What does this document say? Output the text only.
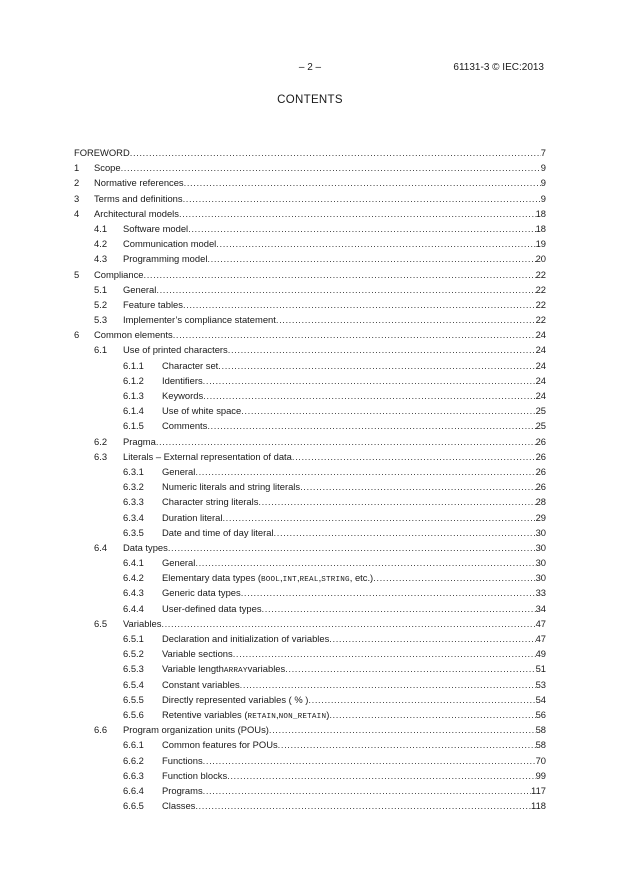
– 2 –	61131-3 © IEC:2013
CONTENTS
FOREWORD .....	7
1 Scope .....	9
2 Normative references .....	9
3 Terms and definitions .....	9
4 Architectural models .....	18
4.1 Software model .....	18
4.2 Communication model .....	19
4.3 Programming model .....	20
5 Compliance .....	22
5.1 General .....	22
5.2 Feature tables .....	22
5.3 Implementer’s compliance statement .....	22
6 Common elements .....	24
6.1 Use of printed characters .....	24
6.1.1 Character set .....	24
6.1.2 Identifiers .....	24
6.1.3 Keywords .....	24
6.1.4 Use of white space .....	25
6.1.5 Comments .....	25
6.2 Pragma .....	26
6.3 Literals – External representation of data .....	26
6.3.1 General .....	26
6.3.2 Numeric literals and string literals .....	26
6.3.3 Character string literals .....	28
6.3.4 Duration literal .....	29
6.3.5 Date and time of day literal .....	30
6.4 Data types .....	30
6.4.1 General .....	30
6.4.2 Elementary data types ( BOOL , INT , REAL , STRING , etc.) .....	30
6.4.3 Generic data types .....	33
6.4.4 User-defined data types .....	34
6.5 Variables .....	47
6.5.1 Declaration and initialization of variables .....	47
6.5.2 Variable sections .....	49
6.5.3 Variable length ARRAY variables .....	51
6.5.4 Constant variables .....	53
6.5.5 Directly represented variables ( % ) .....	54
6.5.6 Retentive variables ( RETAIN , NON_RETAIN ) .....	56
6.6 Program organization units (POUs) .....	58
6.6.1 Common features for POUs .....	58
6.6.2 Functions .....	70
6.6.3 Function blocks .....	99
6.6.4 Programs .....	117
6.6.5 Classes .....	118
